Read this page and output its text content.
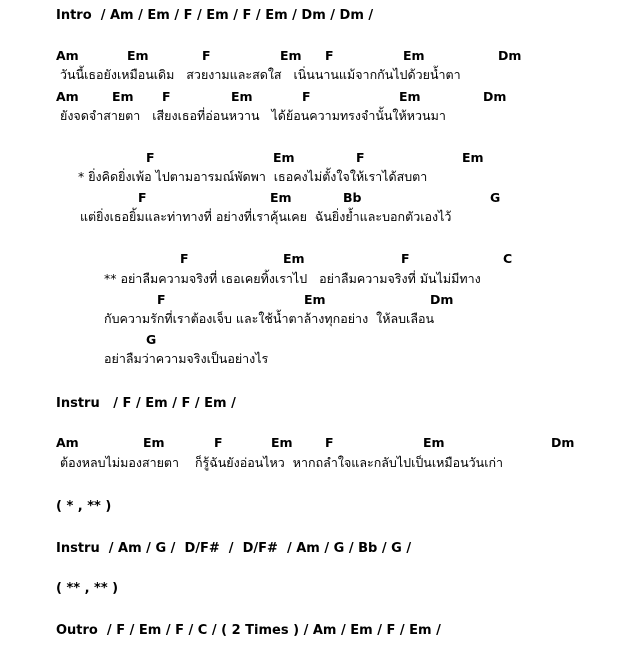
Intro  / Am / Em / F / Em / F / Em / Dm / Dm /
Am	Em	F	Em F	Em	Dm
วันนี้เธอยังเหมือนเดิม   สวยงามและสดใส   เนิ่นนานแม้จากกันไปด้วยน้ำตา
Am	Em F	Em	F	Em	Dm
ยังจดจำสายตา   เสียงเธอที่อ่อนหวาน   ได้ย้อนความทรงจำนั้นให้หวนมา
F	Em	F	Em
* ยิ่งคิดยิ่งเพ้อ ไปตามอารมณ์พัดพา  เธอคงไม่ตั้งใจให้เราได้สบตา
F	Em	Bb	G
แต่ยิ่งเธอยิ้มและท่าทางที่ อย่างที่เราคุ้นเคย  ฉันยิ่งย้ำและบอกตัวเองไว้
F	Em	F	C
** อย่าลืมความจริงที่ เธอเคยทิ้งเราไป   อย่าลืมความจริงที่ มันไม่มีทาง
F	Em	Dm
กับความรักที่เราต้องเจ็บ และใช้น้ำตาล้างทุกอย่าง  ให้ลบเลือน
G
อย่าลืมว่าความจริงเป็นอย่างไร
Instru   / F / Em / F / Em /
Am	Em	F	Em	F	Em	Dm
ต้องหลบไม่มองสายตา    ก็รู้ฉันยังอ่อนไหว  หากถลำใจและกลับไปเป็นเหมือนวันเก่า
( * , ** )
Instru  / Am / G /  D/F#  /  D/F#  / Am / G / Bb / G /
( ** , ** )
Outro  / F / Em / F / C / ( 2 Times ) / Am / Em / F / Em /
